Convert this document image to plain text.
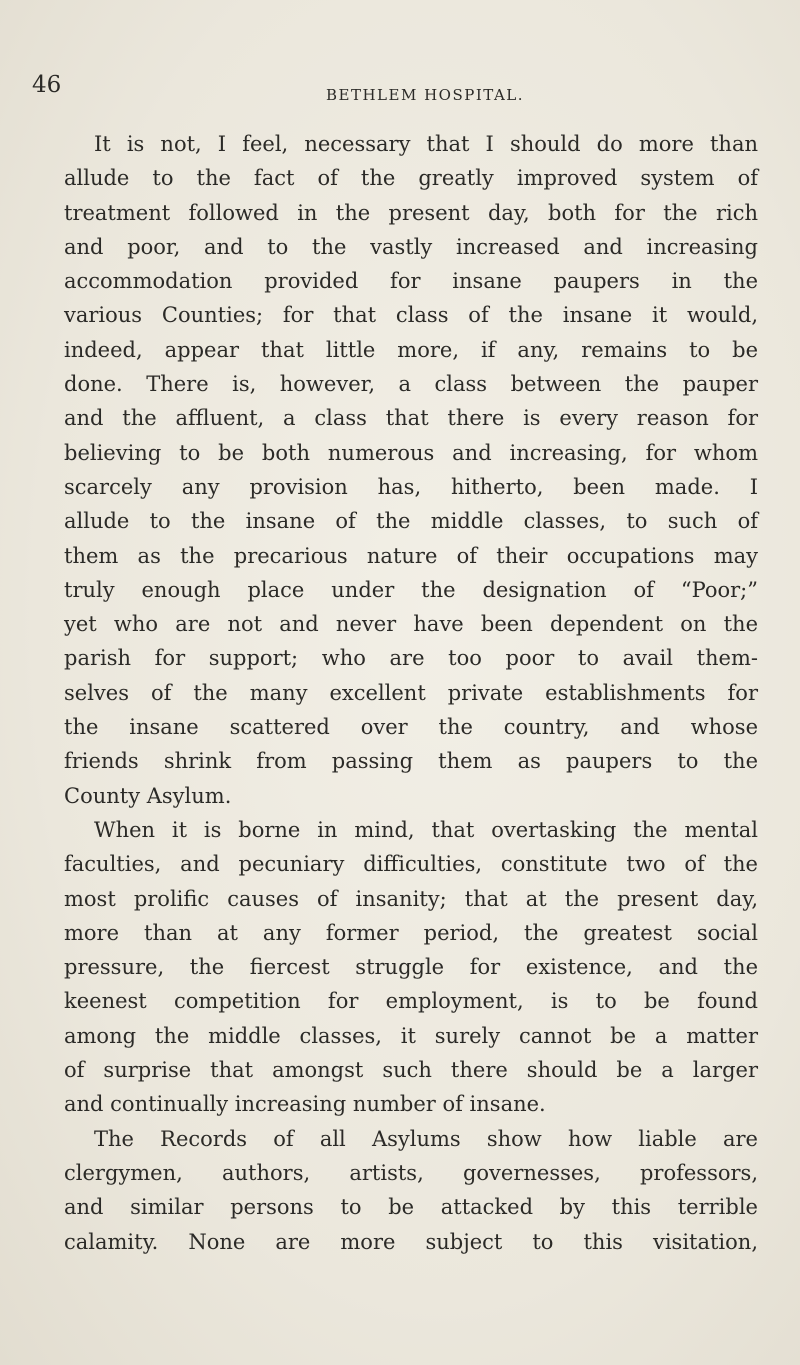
46	BETHLEM HOSPITAL.
It is not, I feel, necessary that I should do more than
allude to the fact of the greatly improved system of
treatment followed in the present day, both for the rich
and poor, and to the vastly increased and increasing
accommodation provided for insane paupers in the
various Counties; for that class of the insane it would,
indeed, appear that little more, if any, remains to be
done. There is, however, a class between the pauper
and the affluent, a class that there is every reason for
believing to be both numerous and increasing, for whom
scarcely any provision has, hitherto, been made. I
allude to the insane of the middle classes, to such of
them as the precarious nature of their occupations may
truly enough place under the designation of “Poor;”
yet who are not and never have been dependent on the
parish for support; who are too poor to avail them-
selves of the many excellent private establishments for
the insane scattered over the country, and whose
friends shrink from passing them as paupers to the
County Asylum.
When it is borne in mind, that overtasking the mental
faculties, and pecuniary difficulties, constitute two of the
most prolific causes of insanity; that at the present day,
more than at any former period, the greatest social
pressure, the fiercest struggle for existence, and the
keenest competition for employment, is to be found
among the middle classes, it surely cannot be a matter
of surprise that amongst such there should be a larger
and continually increasing number of insane.
The Records of all Asylums show how liable are
clergymen, authors, artists, governesses, professors,
and similar persons to be attacked by this terrible
calamity. None are more subject to this visitation,
